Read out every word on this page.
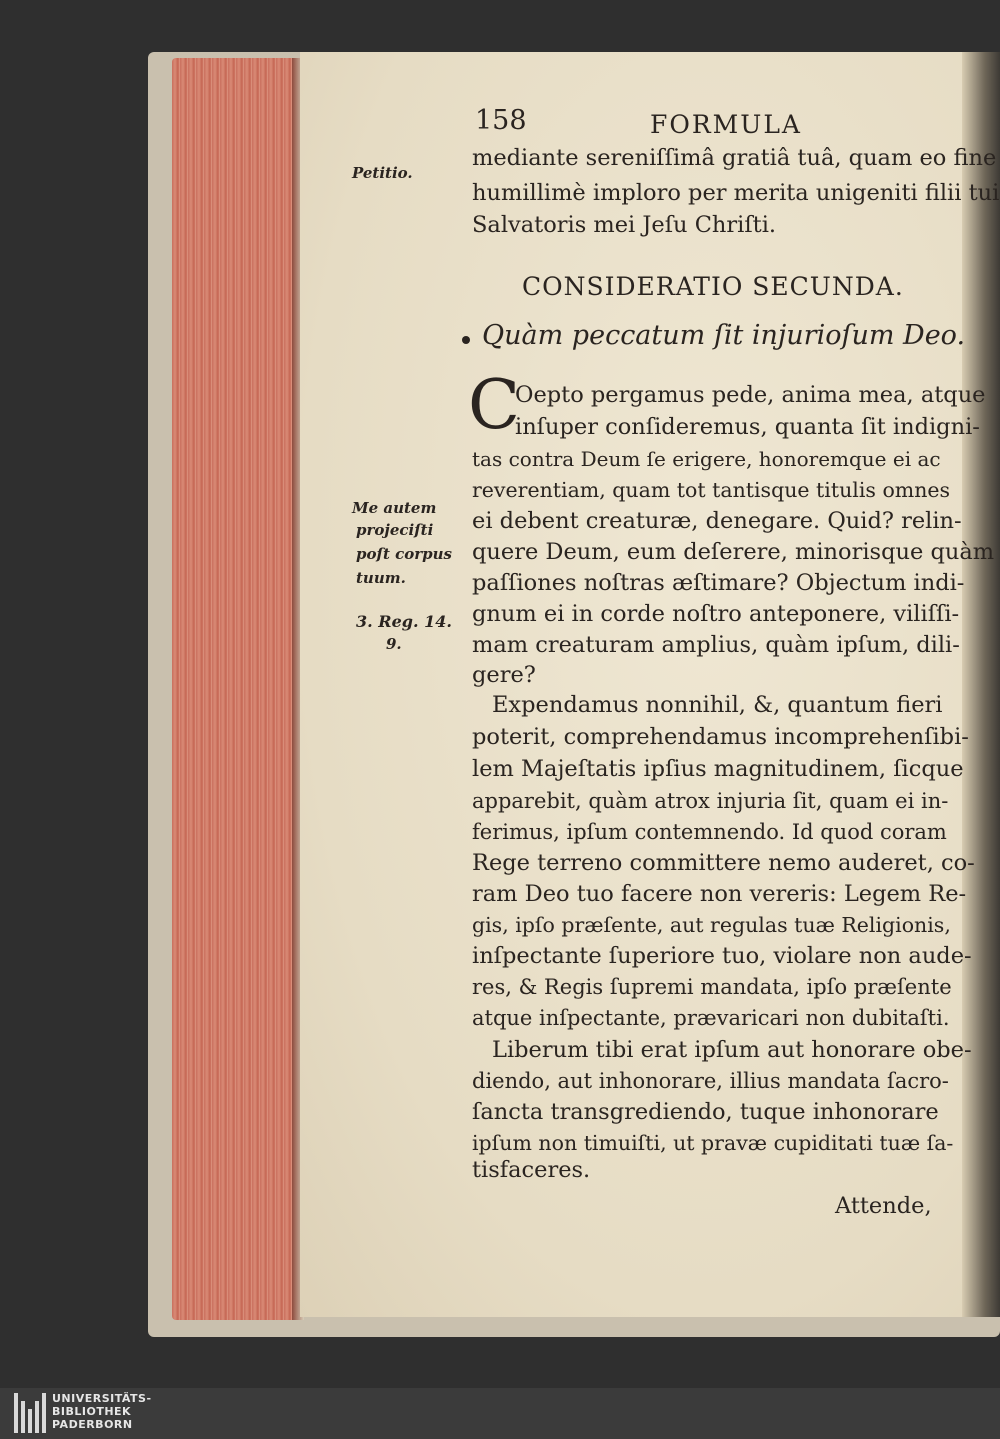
158	FORMULA
mediante sereniſſimâ gratiâ tuâ, quam eo fine
humillimè imploro per merita unigeniti filii tui
Salvatoris mei Jeſu Chriſti.
Petitio.
CONSIDERATIO SECUNDA.
Quàm peccatum ſit injurioſum Deo.
C
Oepto pergamus pede, anima mea, atque
inſuper conſideremus, quanta ſit indigni-
tas contra Deum ſe erigere, honoremque ei ac
reverentiam, quam tot tantisque titulis omnes
ei debent creaturæ, denegare. Quid? relin-
quere Deum, eum deſerere, minorisque quàm
paſſiones noſtras æſtimare? Objectum indi-
gnum ei in corde noſtro anteponere, viliſſi-
mam creaturam amplius, quàm ipſum, dili-
gere?
Me autem
projeciſti
poſt corpus
tuum.
3. Reg. 14.
9.
Expendamus nonnihil, &, quantum fieri
poterit, comprehendamus incomprehenſibi-
lem Majeſtatis ipſius magnitudinem, ſicque
apparebit, quàm atrox injuria ſit, quam ei in-
ferimus, ipſum contemnendo. Id quod coram
Rege terreno committere nemo auderet, co-
ram Deo tuo facere non vereris: Legem Re-
gis, ipſo præſente, aut regulas tuæ Religionis,
inſpectante ſuperiore tuo, violare non aude-
res, & Regis ſupremi mandata, ipſo præſente
atque inſpectante, prævaricari non dubitaſti.
Liberum tibi erat ipſum aut honorare obe-
diendo, aut inhonorare, illius mandata ſacro-
ſancta transgrediendo, tuque inhonorare
ipſum non timuiſti, ut pravæ cupiditati tuæ ſa-
tisfaceres.
Attende,
UNIVERSITÄTS-
BIBLIOTHEK
PADERBORN
